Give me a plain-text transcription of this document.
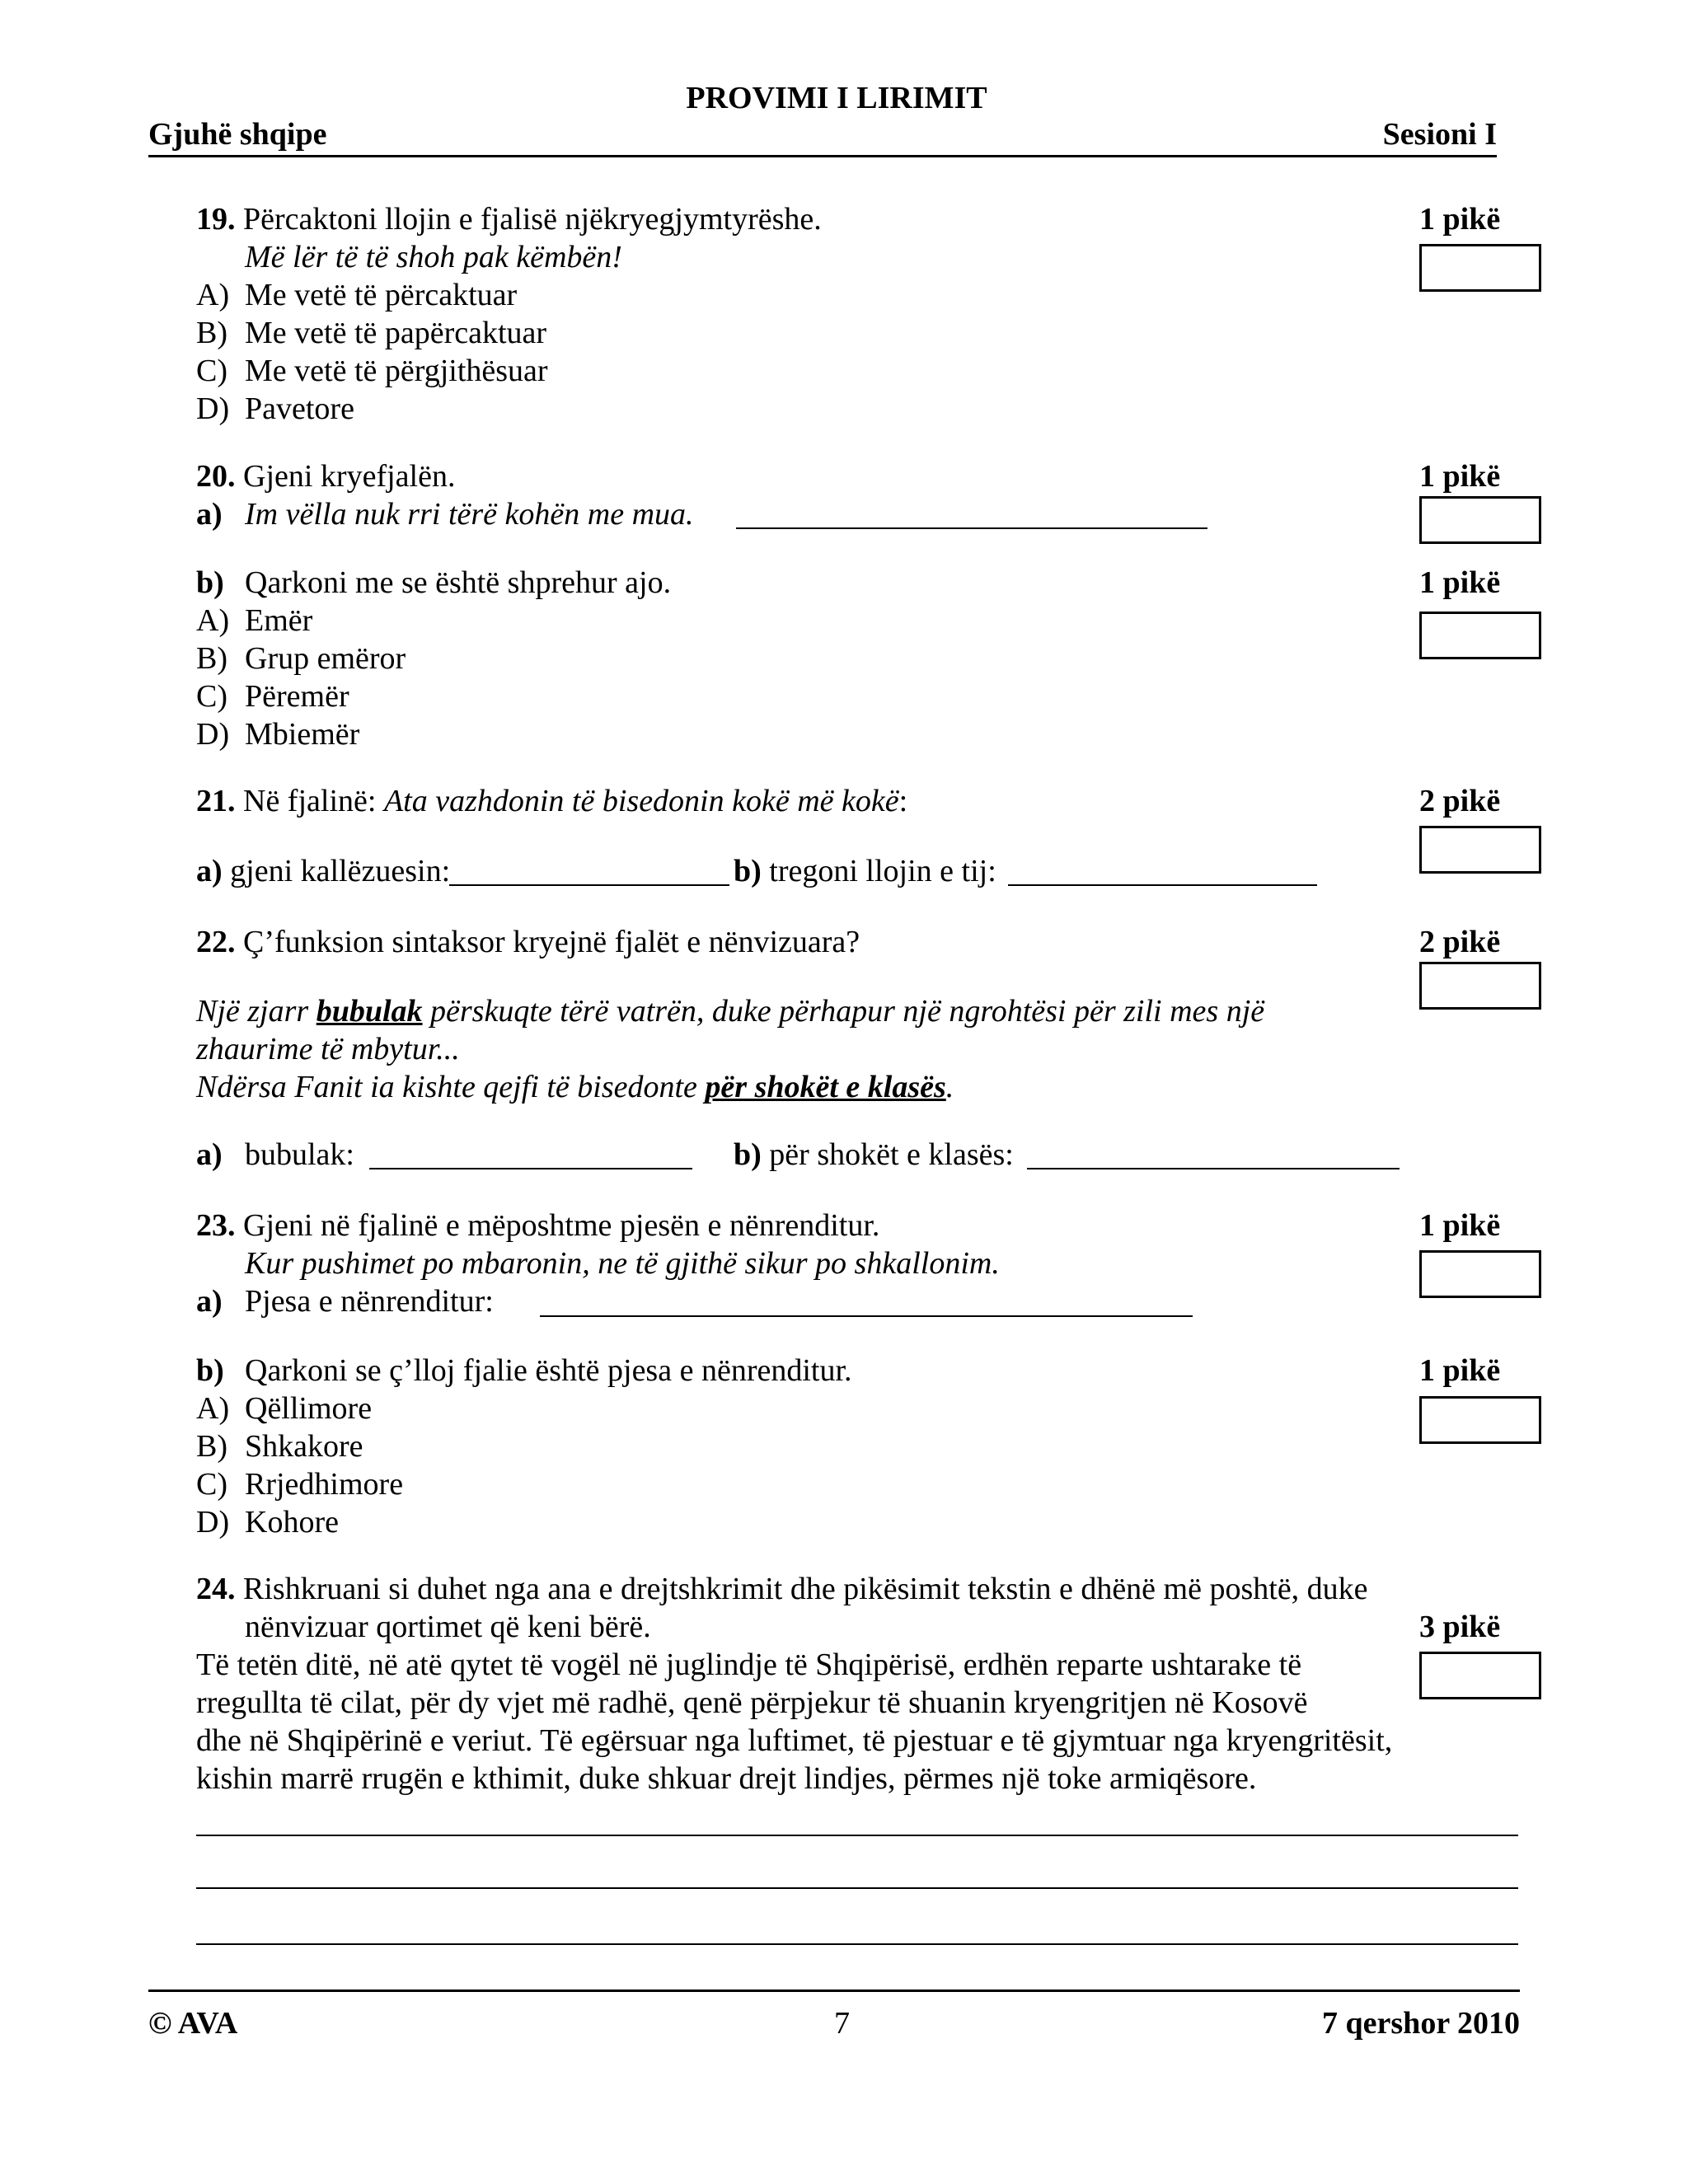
PROVIMI I LIRIMIT
Gjuhë shqipe	Sesioni I
19. Përcaktoni llojin e fjalisë njëkryegjymtyrëshe.	1 pikë
Më lër të të shoh pak këmbën!
A) Me vetë të përcaktuar
B) Me vetë të papërcaktuar
C) Me vetë të përgjithësuar
D) Pavetore
20. Gjeni kryefjalën.	1 pikë
a) Im vëlla nuk rri tërë kohën me mua.
b) Qarkoni me se është shprehur ajo.	1 pikë
A) Emër
B) Grup emëror
C) Përemër
D) Mbiemër
21. Në fjalinë: Ata vazhdonin të bisedonin kokë më kokë:	2 pikë
a) gjeni kallëzuesin:	b) tregoni llojin e tij:
22. Ç’funksion sintaksor kryejnë fjalët e nënvizuara?	2 pikë
Një zjarr bubulak përskuqte tërë vatrën, duke përhapur një ngrohtësi për zili mes një
zhaurime të mbytur...
Ndërsa Fanit ia kishte qejfi të bisedonte për shokët e klasës.
a) bubulak:	b) për shokët e klasës:
23. Gjeni në fjalinë e mëposhtme pjesën e nënrenditur.	1 pikë
Kur pushimet po mbaronin, ne të gjithë sikur po shkallonim.
a) Pjesa e nënrenditur:
b) Qarkoni se ç’lloj fjalie është pjesa e nënrenditur.	1 pikë
A) Qëllimore
B) Shkakore
C) Rrjedhimore
D) Kohore
24. Rishkruani si duhet nga ana e drejtshkrimit dhe pikësimit tekstin e dhënë më poshtë, duke
nënvizuar qortimet që keni bërë.	3 pikë
Të tetën ditë, në atë qytet të vogël në juglindje të Shqipërisë, erdhën reparte ushtarake të
rregullta të cilat, për dy vjet më radhë, qenë përpjekur të shuanin kryengritjen në Kosovë
dhe në Shqipërinë e veriut. Të egërsuar nga luftimet, të pjestuar e të gjymtuar nga kryengritësit,
kishin marrë rrugën e kthimit, duke shkuar drejt lindjes, përmes një toke armiqësore.
© AVA	7	7 qershor 2010
